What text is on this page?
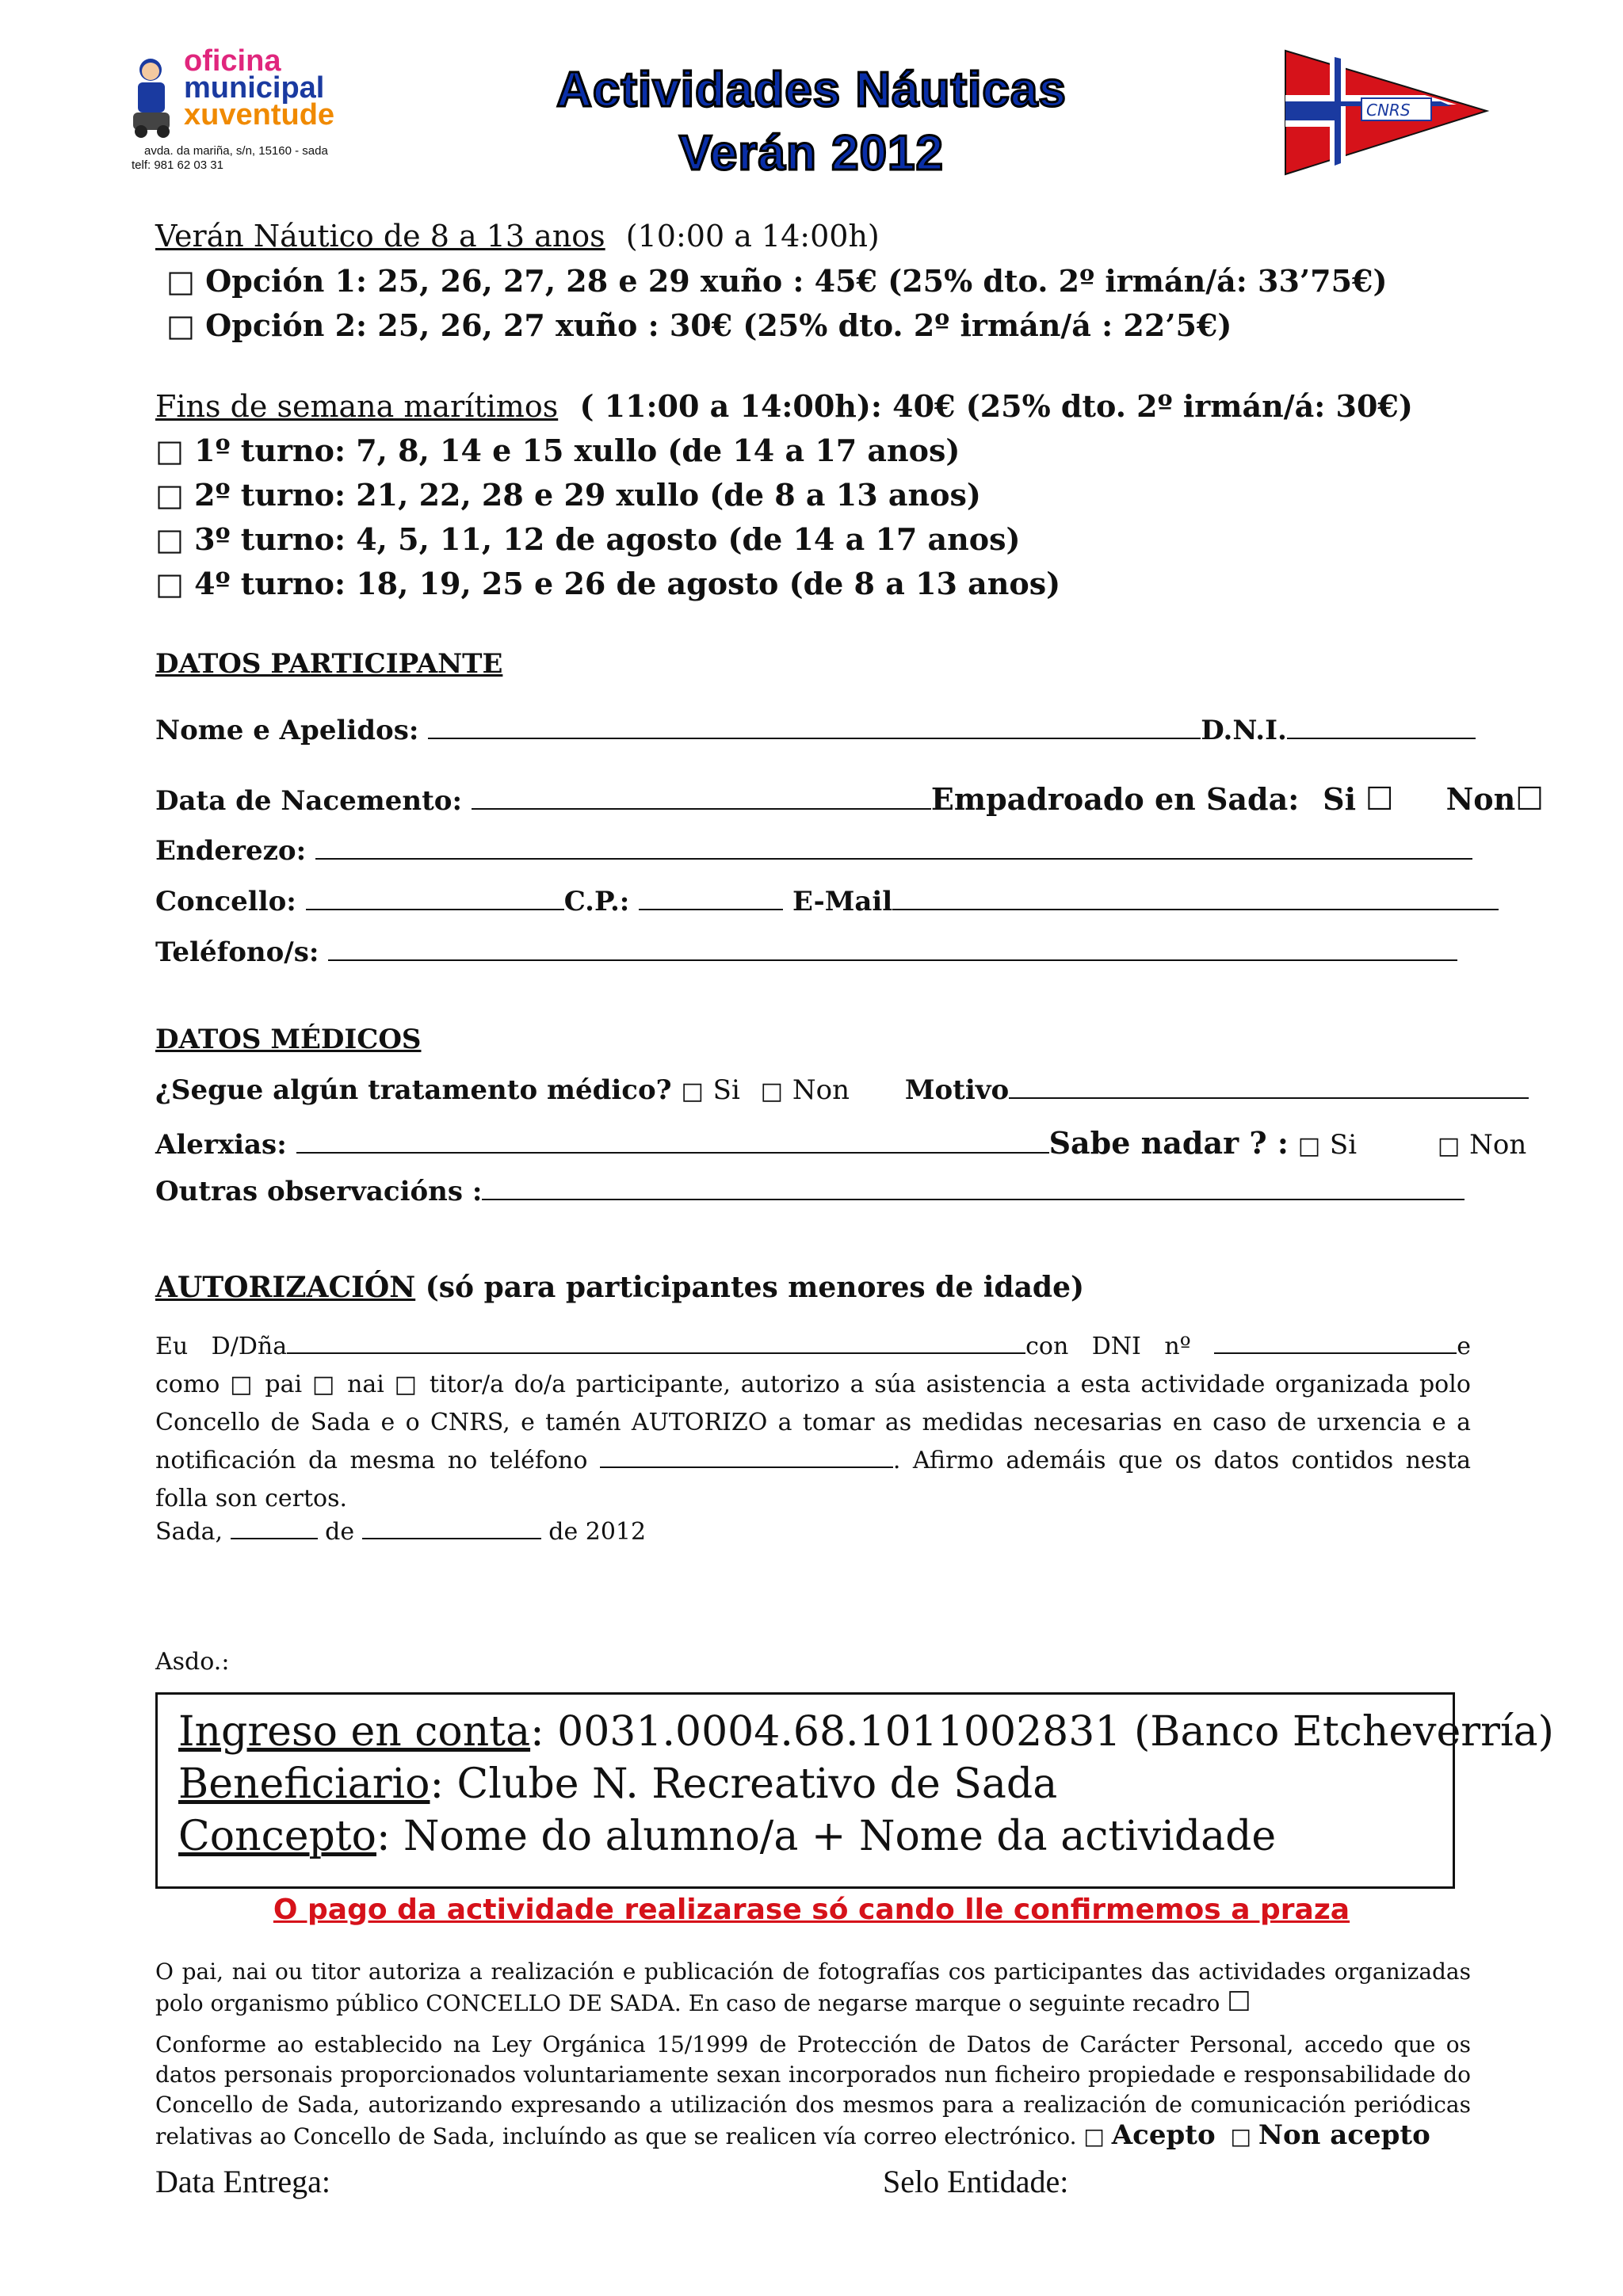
oficina
municipal
xuventude
avda. da mariña, s/n, 15160 - sada
telf: 981 62 03 31
Actividades Náuticas
Verán 2012
CNRS
Verán Náutico de 8 a 13 anos (10:00 a 14:00h)
□ Opción 1: 25, 26, 27, 28 e 29 xuño : 45€ (25% dto. 2º irmán/á: 33’75€)
□ Opción 2: 25, 26, 27 xuño : 30€ (25% dto. 2º irmán/á : 22’5€)
Fins de semana marítimos ( 11:00 a 14:00h): 40€ (25% dto. 2º irmán/á: 30€)
□ 1º turno: 7, 8, 14 e 15 xullo (de 14 a 17 anos)
□ 2º turno: 21, 22, 28 e 29 xullo (de 8 a 13 anos)
□ 3º turno: 4, 5, 11, 12 de agosto (de 14 a 17 anos)
□ 4º turno: 18, 19, 25 e 26 de agosto (de 8 a 13 anos)
DATOS PARTICIPANTE
Nome e Apelidos:	D.N.I.
Data de Nacemento:	Empadroado en Sada: Si ☐ Non☐
Enderezo:
Concello:	C.P.:	E-Mail
Teléfono/s:
DATOS MÉDICOS
¿Segue algún tratamento médico? □ Si □ Non Motivo
Alerxias:	Sabe nadar ? : □ Si	□ Non
Outras observacións :
AUTORIZACIÓN (só para participantes menores de idade)
Eu D/Dña	con DNI nº	e como □ pai □ nai □ titor/a do/a participante, autorizo a súa asistencia a esta actividade organizada polo Concello de Sada e o CNRS, e tamén AUTORIZO a tomar as medidas necesarias en caso de urxencia e a notificación da mesma no teléfono	. Afirmo ademáis que os datos contidos nesta folla son certos.
Sada,	de	de 2012
Asdo.:
Ingreso en conta: 0031.0004.68.1011002831 (Banco Etcheverría)
Beneficiario: Clube N. Recreativo de Sada
Concepto: Nome do alumno/a + Nome da actividade
O pago da actividade realizarase só cando lle confirmemos a praza
O pai, nai ou titor autoriza a realización e publicación de fotografías cos participantes das actividades organizadas polo organismo público CONCELLO DE SADA. En caso de negarse marque o seguinte recadro ☐
Conforme ao establecido na Ley Orgánica 15/1999 de Protección de Datos de Carácter Personal, accedo que os datos personais proporcionados voluntariamente sexan incorporados nun ficheiro propiedade e responsabilidade do Concello de Sada, autorizando expresando a utilización dos mesmos para a realización de comunicación periódicas relativas ao Concello de Sada, incluíndo as que se realicen vía correo electrónico. □ Acepto □ Non acepto
Data Entrega:	Selo Entidade:
